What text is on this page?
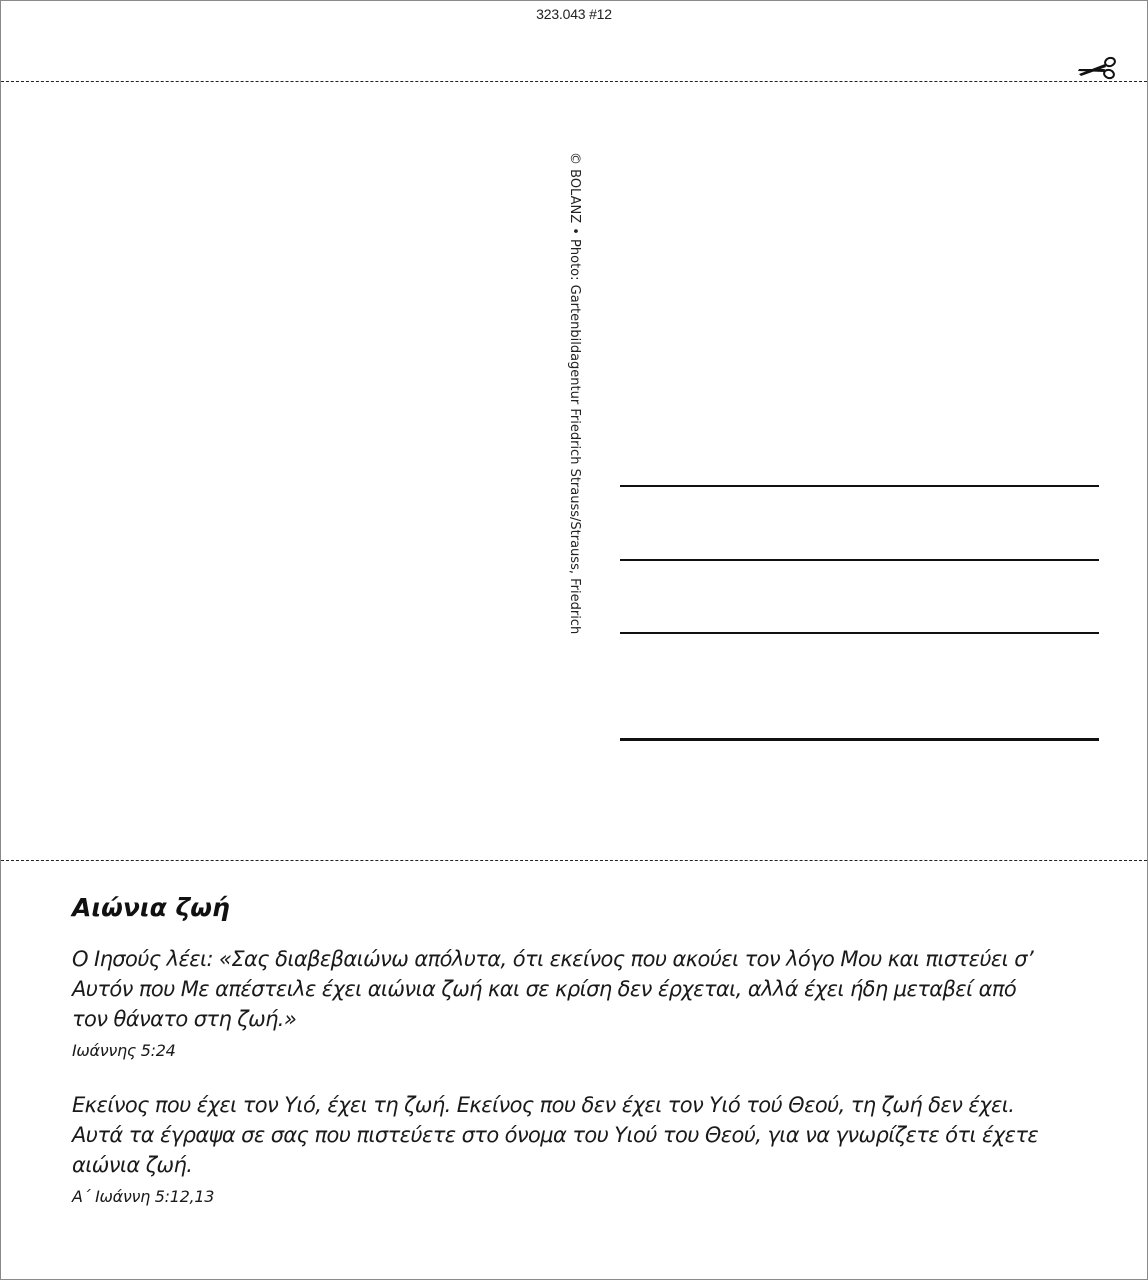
323.043 #12
© BOLANZ • Photo: Gartenbildagentur Friedrich Strauss/Strauss, Friedrich
Αιώνια ζωή

Ο Ιησούς λέει: «Σας διαβεβαιώνω απόλυτα, ότι εκείνος που ακούει τον λόγο Μου και πιστεύει σ’

Αυτόν που Με απέστειλε έχει αιώνια ζωή και σε κρίση δεν έρχεται, αλλά έχει ήδη μεταβεί από

τον θάνατο στη ζωή.»

Ιωάννης 5:24

Εκείνος που έχει τον Υιό, έχει τη ζωή. Εκείνος που δεν έχει τον Υιό τού Θεού, τη ζωή δεν έχει.

Αυτά τα έγραψα σε σας που πιστεύετε στο όνομα του Υιού του Θεού, για να γνωρίζετε ότι έχετε

αιώνια ζωή.

Α΄ Ιωάννη 5:12,13
